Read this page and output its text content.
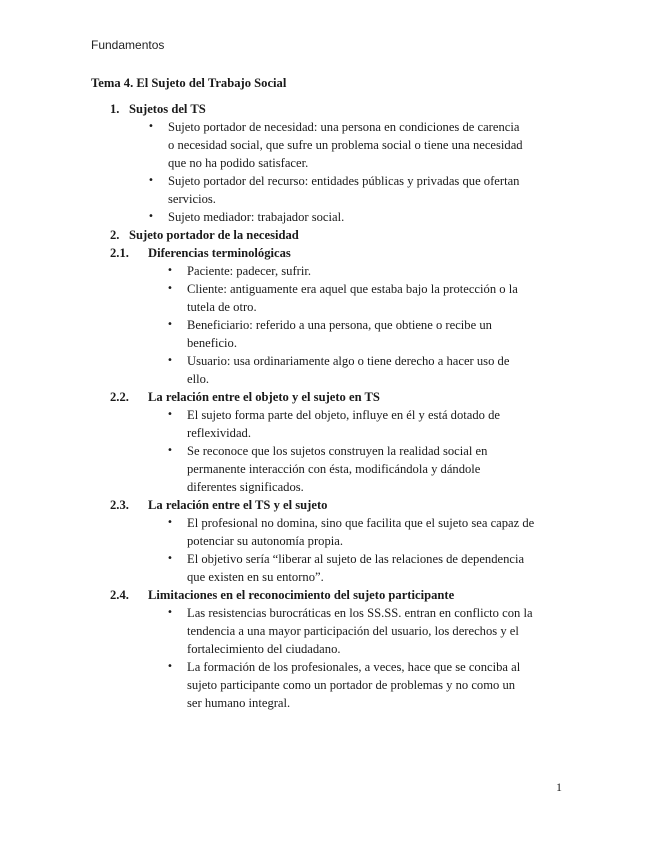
Fundamentos
Tema 4. El Sujeto del Trabajo Social
1. Sujetos del TS
• Sujeto portador de necesidad: una persona en condiciones de carencia
o necesidad social, que sufre un problema social o tiene una necesidad
que no ha podido satisfacer.
• Sujeto portador del recurso: entidades públicas y privadas que ofertan
servicios.
• Sujeto mediador: trabajador social.
2. Sujeto portador de la necesidad
2.1. Diferencias terminológicas
• Paciente: padecer, sufrir.
• Cliente: antiguamente era aquel que estaba bajo la protección o la
tutela de otro.
• Beneficiario: referido a una persona, que obtiene o recibe un
beneficio.
• Usuario: usa ordinariamente algo o tiene derecho a hacer uso de
ello.
2.2. La relación entre el objeto y el sujeto en TS
• El sujeto forma parte del objeto, influye en él y está dotado de
reflexividad.
• Se reconoce que los sujetos construyen la realidad social en
permanente interacción con ésta, modificándola y dándole
diferentes significados.
2.3. La relación entre el TS y el sujeto
• El profesional no domina, sino que facilita que el sujeto sea capaz de
potenciar su autonomía propia.
• El objetivo sería “liberar al sujeto de las relaciones de dependencia
que existen en su entorno”.
2.4. Limitaciones en el reconocimiento del sujeto participante
• Las resistencias burocráticas en los SS.SS. entran en conflicto con la
tendencia a una mayor participación del usuario, los derechos y el
fortalecimiento del ciudadano.
• La formación de los profesionales, a veces, hace que se conciba al
sujeto participante como un portador de problemas y no como un
ser humano integral.
1
